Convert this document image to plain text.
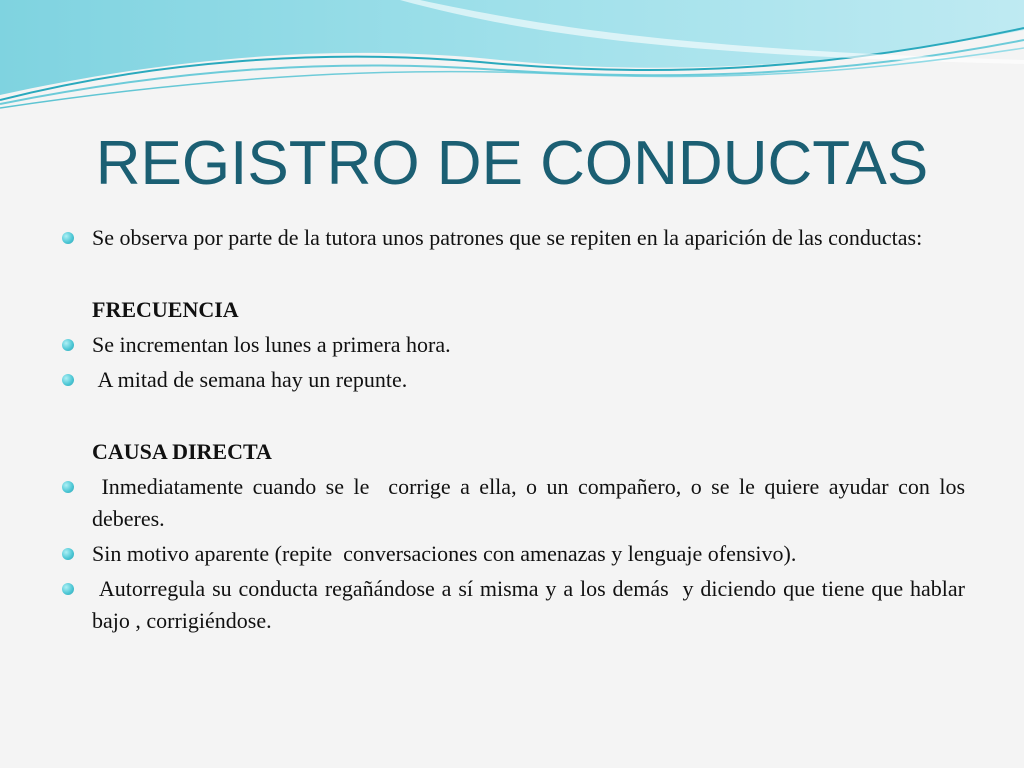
REGISTRO DE CONDUCTAS
Se observa por parte de la tutora unos patrones que se repiten en la aparición de las conductas:
FRECUENCIA
Se incrementan los lunes a primera hora.
A mitad de semana hay un repunte.
CAUSA DIRECTA
Inmediatamente cuando se le  corrige a ella, o un compañero, o se le quiere ayudar con los deberes.
Sin motivo aparente (repite  conversaciones con amenazas y lenguaje ofensivo).
Autorregula su conducta regañándose a sí misma y a los demás  y diciendo que tiene que hablar bajo , corrigiéndose.
